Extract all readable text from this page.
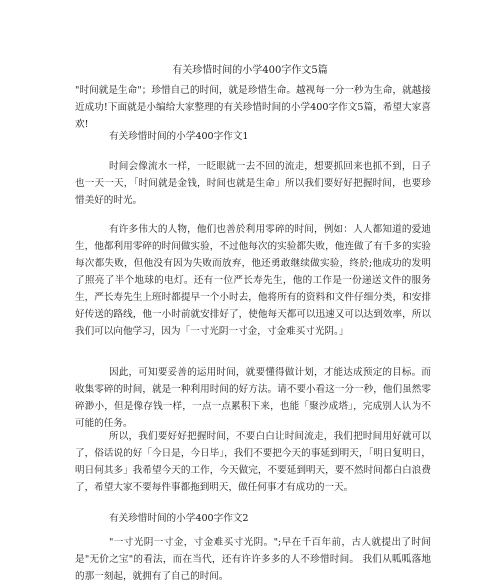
有关珍惜时间的小学400字作文5篇

"时间就是生命"；珍惜自己的时间，就是珍惜生命。越视每一分一秒为生命，就越接近成功!下面就是小编给大家整理的有关珍惜时间的小学400字作文5篇，希望大家喜欢!

有关珍惜时间的小学400字作文1

时间会像流水一样，一眨眼就一去不回的流走，想要抓回来也抓不到，日子也一天一天，「时间就是金钱，时间也就是生命」所以我们要好好把握时间，也要珍惜美好的时光。

有许多伟大的人物，他们也善於利用零碎的时间，例如：人人都知道的爱迪生，他都利用零碎的时间做实验，不过他每次的实验都失败，他连做了有千多的实验每次都失败，但他没有因为失败而放弃，他还勇敢继续做实验，终於;他成功的发明了照亮了半个地球的电灯。还有一位严长寿先生，他的工作是一份递送文件的服务生，严长寿先生上班时都提早一个小时去，他将所有的资料和文件仔细分类，和安排好传送的路线，他一小时前就安排好了，使他每天都可以迅速又可以达到效率，所以我们可以向他学习，因为「一寸光阴一寸金，寸金难买寸光阴。」

因此，可知要妥善的运用时间，就要懂得做计划，才能达成预定的目标。而收集零碎的时间，就是一种利用时间的好方法。请不要小看这一分一秒，他们虽然零碎渺小，但是像存钱一样，一点一点累积下来，也能「聚沙成塔」，完成别人认为不可能的任务。

所以，我们要好好把握时间，不要白白让时间流走，我们把时间用好就可以了，俗话说的好「今日是，今日毕」，我们不要把今天的事延到明天，「明日复明日，明日何其多」我希望今天的工作，今天做完，不要延到明天，要不然时间都白白浪费了，希望大家不要每件事都拖到明天，做任何事才有成功的一天。

有关珍惜时间的小学400字作文2

"一寸光阴一寸金，寸金难买寸光阴。";早在千百年前，古人就提出了时间是"无价之宝"的看法，而在当代，还有许许多多的人不珍惜时间。 我们从呱呱落地的那一刻起，就拥有了自己的时间。
